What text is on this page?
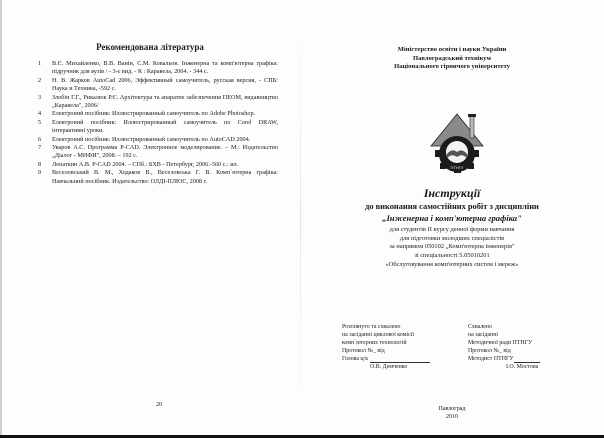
Рекомендована література
1 В.Є. Михайленко, В.В. Ванін, С.М. Ковальов. Інженерна та комп'ютерна графіка: підручник для вузів / - 3-є вид. - К : Каравела, 2004. - 344 с.
2 Н. В. Жарков AutoCad 2006, Эффективный самоучитель, русская версия, - СПБ: Наука и Техника, -592 с.
3 Злобін Г.Г., Рикалюк Р.Є. Архітектура та апаратне забезпечення ПЕОМ, видавництво „Каравела", 2006/
4 Електроний посібник: Иллюстрированный самоучитель по Adobe Photoshop.
5 Електроний посібник: Иллюстрированный самоучитель по Corel DRAW, інтерактивні уроки.
6 Електроний посібник: Иллюстрированный самоучитель по AutoCAD 2004.
7 Уваров А.С. Программа P-CAD. Электронное моделирование. – М.: Издательство „Діалог - МИФИ", 2008. – 192 с.
8 Лопаткин А.В. P-CAD 2004. – СПб.: БХВ - Петербург, 2006.-560 с.: ил.
9 Веселовський В. М., Ходаков В., Веселовська Г. В. Комп`ютерна графіка: Навчальний посібник. Издательство: ОЛДІ-ПЛЮС, 2008 г.
20
Міністерство освіти і науки України
Павлоградський технікум
Національного гірничого університету
ПТНГУ
Інструкції
до виконання самостійних робіт з дисципліни
„Інженерна і комп'ютерна графіка"
для студентів II курсу денної форми навчання
для підготовки молодших спеціалістів
за напрямом 050102 „Комп'ютерна інженерія"
зі спеціальності 5.05010201
«Обслуговування комп'ютерних систем і мереж»
Розглянуто та схвалено
на засіданні циклової комісії
комп`ютерних технологій
Протокол №_ від
Голова ц/к
О.В. Демченко
Схвалено
на засіданні
Методичної ради ПТНГУ
Протокол №_ від
Методист ПТНГУ
І.О. Мостова
Павлоград
2010
